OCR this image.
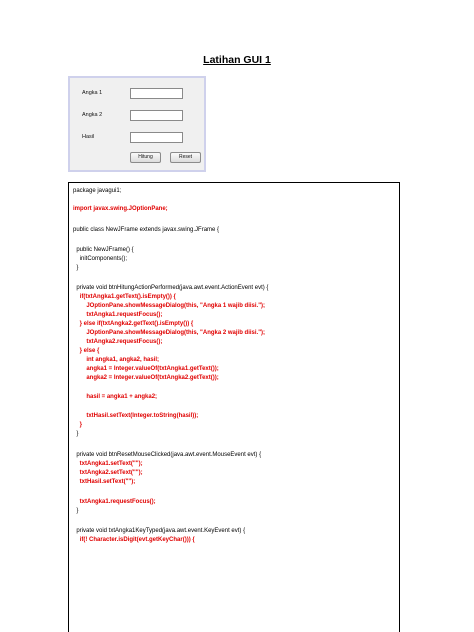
Latihan GUI 1
Angka 1
Angka 2
Hasil
Hitung	Reset
package javagui1;
import javax.swing.JOptionPane;
public class NewJFrame extends javax.swing.JFrame {
public NewJFrame() {
initComponents();
}
private void btnHitungActionPerformed(java.awt.event.ActionEvent evt) {
if(txtAngka1.getText().isEmpty()) {
JOptionPane.showMessageDialog(this, "Angka 1 wajib diisi.");
txtAngka1.requestFocus();
} else if(txtAngka2.getText().isEmpty()) {
JOptionPane.showMessageDialog(this, "Angka 2 wajib diisi.");
txtAngka2.requestFocus();
} else {
int angka1, angka2, hasil;
angka1 = Integer.valueOf(txtAngka1.getText());
angka2 = Integer.valueOf(txtAngka2.getText());
hasil = angka1 + angka2;
txtHasil.setText(Integer.toString(hasil));
}
}
private void btnResetMouseClicked(java.awt.event.MouseEvent evt) {
txtAngka1.setText("");
txtAngka2.setText("");
txtHasil.setText("");
txtAngka1.requestFocus();
}
private void txtAngka1KeyTyped(java.awt.event.KeyEvent evt) {
if(! Character.isDigit(evt.getKeyChar())) {
